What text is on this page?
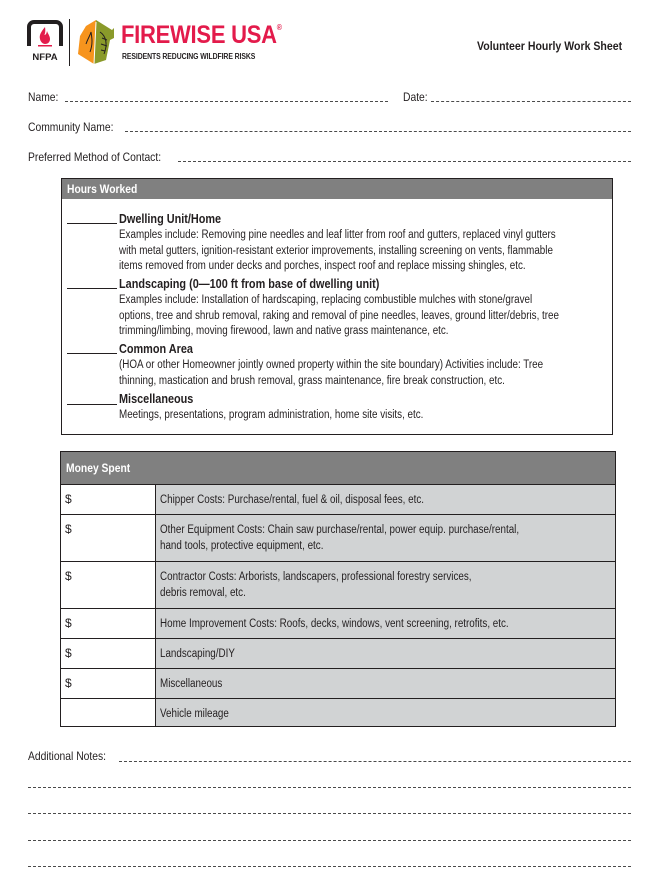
NFPA
FIREWISE USA®
RESIDENTS REDUCING WILDFIRE RISKS
Volunteer Hourly Work Sheet
Name:	Date:
Community Name:
Preferred Method of Contact:
Hours Worked
Dwelling Unit/Home
Examples include: Removing pine needles and leaf litter from roof and gutters, replaced vinyl gutters
with metal gutters, ignition-resistant exterior improvements, installing screening on vents, flammable
items removed from under decks and porches, inspect roof and replace missing shingles, etc.
Landscaping (0—100 ft from base of dwelling unit)
Examples include: Installation of hardscaping, replacing combustible mulches with stone/gravel
options, tree and shrub removal, raking and removal of pine needles, leaves, ground litter/debris, tree
trimming/limbing, moving firewood, lawn and native grass maintenance, etc.
Common Area
(HOA or other Homeowner jointly owned property within the site boundary) Activities include: Tree
thinning, mastication and brush removal, grass maintenance, fire break construction, etc.
Miscellaneous
Meetings, presentations, program administration, home site visits, etc.
Money Spent
$	Chipper Costs: Purchase/rental, fuel & oil, disposal fees, etc.
$	Other Equipment Costs: Chain saw purchase/rental, power equip. purchase/rental,
hand tools, protective equipment, etc.
$	Contractor Costs: Arborists, landscapers, professional forestry services,
debris removal, etc.
$	Home Improvement Costs: Roofs, decks, windows, vent screening, retrofits, etc.
$	Landscaping/DIY
$	Miscellaneous
Vehicle mileage
Additional Notes:
